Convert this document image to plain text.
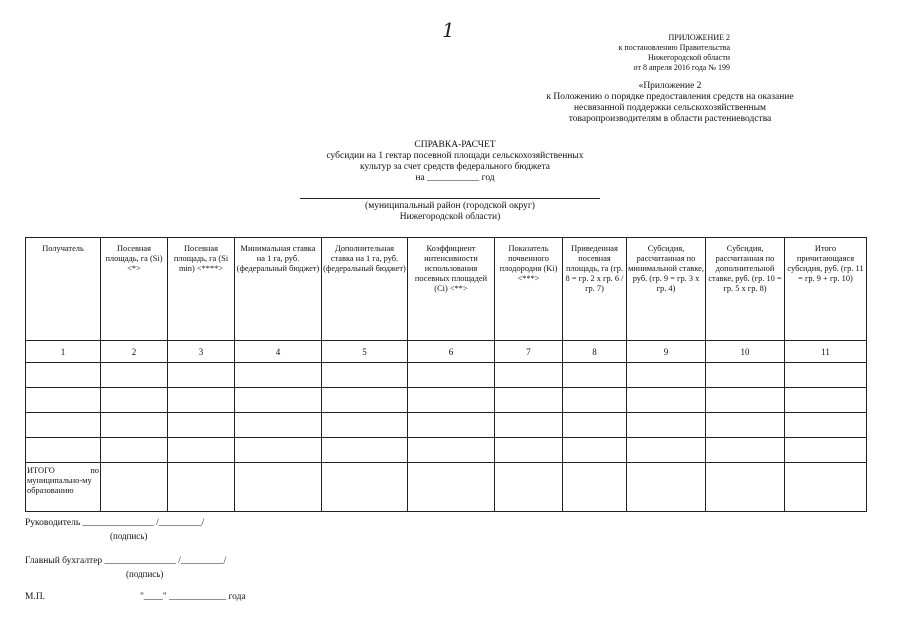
1	ПРИЛОЖЕНИЕ 2
к постановлению Правительства
Нижегородской области
от 8 апреля 2016 года № 199
«Приложение 2
к Положению о порядке предоставления средств на оказание
несвязанной поддержки сельскохозяйственным
товаропроизводителям в области растениеводства
СПРАВКА-РАСЧЕТ
субсидии на 1 гектар посевной площади сельскохозяйственных
культур за счет средств федерального бюджета
на ___________ год
(муниципальный район (городской округ)
Нижегородской области)
Получатель	Посевная площадь, га (Si) <*>	Посевная площадь, га (Si min) <****>	Минимальная ставка на 1 га, руб. (федеральный бюджет)	Дополнительная ставка на 1 га, руб. (федеральный бюджет)	Коэффициент интенсивности использования посевных площадей (Ci) <**>	Показатель почвенного плодородия (Ki) <***>	Приведенная посевная площадь, га (гр. 8 = гр. 2 х гр. 6 / гр. 7)	Субсидия, рассчитанная по минимальной ставке, руб. (гр. 9 = гр. 3 х гр. 4)	Субсидия, рассчитанная по дополнительной ставке, руб. (гр. 10 = гр. 5 х гр. 8)	Итого причитающаяся субсидия, руб. (гр. 11 = гр. 9 + гр. 10)
1	2	3	4	5	6	7	8	9	10	11

ИТОГО по муниципально-му образованию										
Руководитель _______________ /_________/
(подпись)
Главный бухгалтер _______________ /_________/
(подпись)
М.П.	"____" ____________ года
